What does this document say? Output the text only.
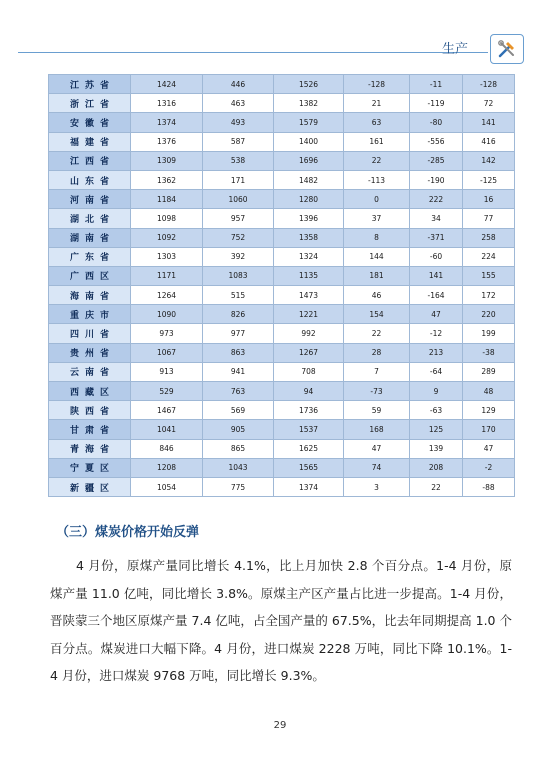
生产
江苏省	1424	446	1526	-128	-11	-128
浙江省	1316	463	1382	21	-119	72
安徽省	1374	493	1579	63	-80	141
福建省	1376	587	1400	161	-556	416
江西省	1309	538	1696	22	-285	142
山东省	1362	171	1482	-113	-190	-125
河南省	1184	1060	1280	0	222	16
湖北省	1098	957	1396	37	34	77
湖南省	1092	752	1358	8	-371	258
广东省	1303	392	1324	144	-60	224
广西区	1171	1083	1135	181	141	155
海南省	1264	515	1473	46	-164	172
重庆市	1090	826	1221	154	47	220
四川省	973	977	992	22	-12	199
贵州省	1067	863	1267	28	213	-38
云南省	913	941	708	7	-64	289
西藏区	529	763	94	-73	9	48
陕西省	1467	569	1736	59	-63	129
甘肃省	1041	905	1537	168	125	170
青海省	846	865	1625	47	139	47
宁夏区	1208	1043	1565	74	208	-2
新疆区	1054	775	1374	3	22	-88
（三）煤炭价格开始反弹
4 月份，原煤产量同比增长 4.1%，比上月加快 2.8 个百分点。1-4 月份，原煤产量 11.0 亿吨，同比增长 3.8%。原煤主产区产量占比进一步提高。1-4 月份，晋陕蒙三个地区原煤产量 7.4 亿吨，占全国产量的 67.5%，比去年同期提高 1.0 个百分点。煤炭进口大幅下降。4 月份，进口煤炭 2228 万吨，同比下降 10.1%。1-4 月份，进口煤炭 9768 万吨，同比增长 9.3%。
29
